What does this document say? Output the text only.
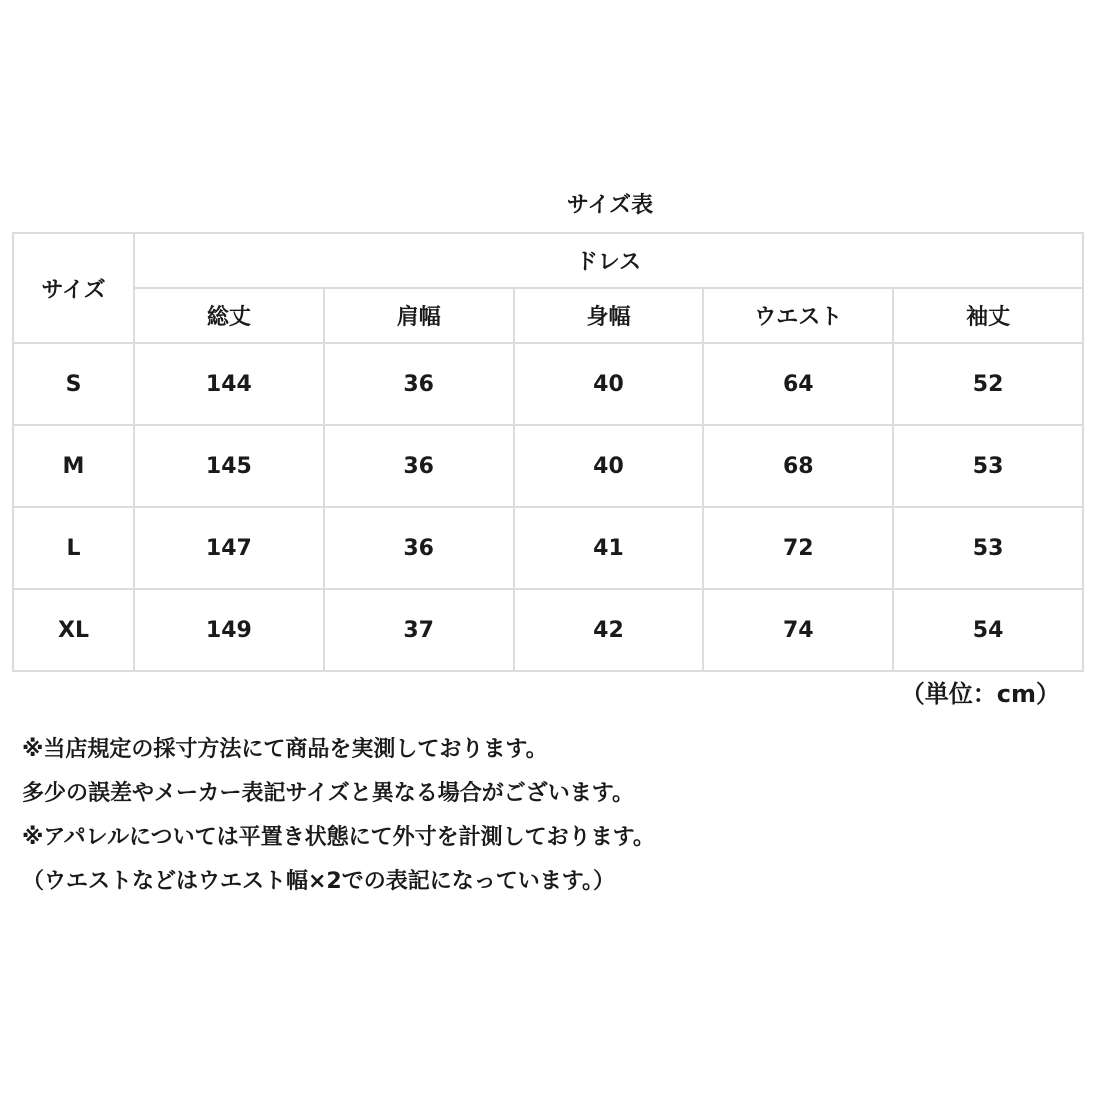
サイズ表
サイズ	ドレス				
	総丈	肩幅	身幅	ウエスト	袖丈
S	144	36	40	64	52
M	145	36	40	68	53
L	147	36	41	72	53
XL	149	37	42	74	54
（単位：cm）

※当店規定の採寸方法にて商品を実測しております。

多少の誤差やメーカー表記サイズと異なる場合がございます。

※アパレルについては平置き状態にて外寸を計測しております。

（ウエストなどはウエスト幅×2での表記になっています。）
